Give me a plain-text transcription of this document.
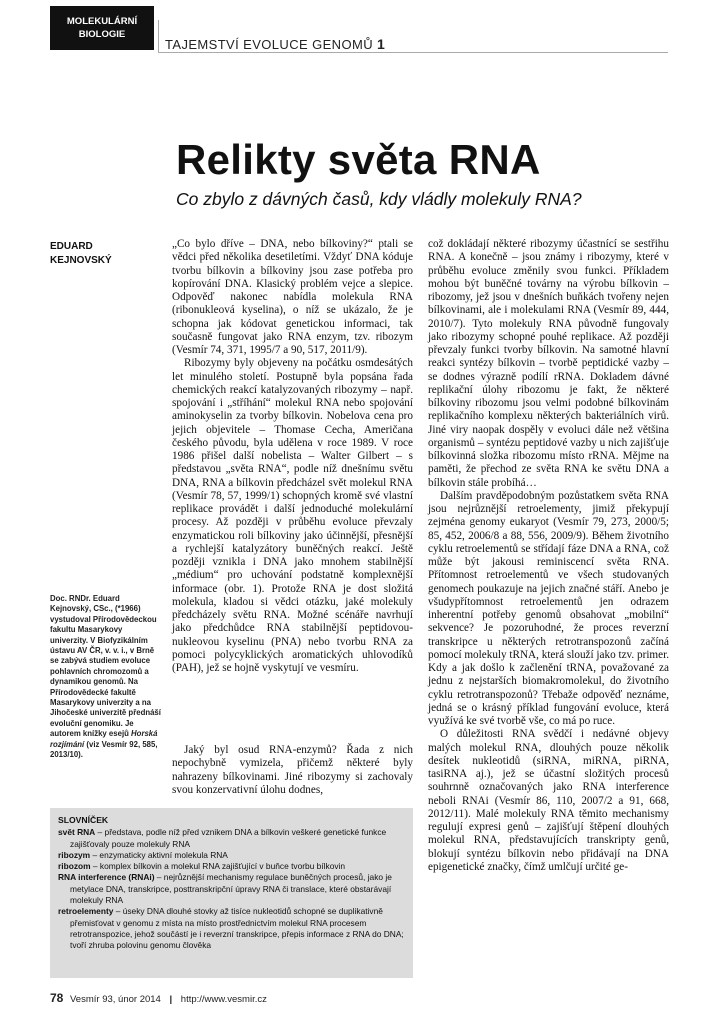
MOLEKULÁRNÍ
BIOLOGIE
TAJEMSTVÍ EVOLUCE GENOMŮ 1
Relikty světa RNA
Co zbylo z dávných časů, kdy vládly molekuly RNA?
EDUARD
KEJNOVSKÝ
Doc. RNDr. Eduard Kejnovský, CSc., (*1966) vystudoval Přírodovědeckou fakultu Masarykovy univerzity. V Biofyzikálním ústavu AV ČR, v. v. i., v Brně se zabývá studiem evoluce pohlavních chromozomů a dynamikou genomů. Na Přírodovědecké fakultě Masarykovy univerzity a na Jihočeské univerzitě přednáší evoluční genomiku. Je autorem knížky esejů Horská rozjímání (viz Vesmír 92, 585, 2013/10).

„Co bylo dříve – DNA, nebo bílkoviny?“ ptali se vědci před několika desetiletími. Vždyť DNA kóduje tvorbu bílkovin a bílkoviny jsou zase potřeba pro kopírování DNA. Klasický problém vejce a slepice. Odpověď nakonec nabídla molekula RNA (ribonukleová kyselina), o níž se ukázalo, že je schopna jak kódovat genetickou informaci, tak současně fungovat jako RNA enzym, tzv. ribozym (Vesmír 74, 371, 1995/7 a 90, 517, 2011/9).

Ribozymy byly objeveny na počátku osmdesátých let minulého století. Postupně byla popsána řada chemických reakcí katalyzovaných ribozymy – např. spojování i „stříhání“ molekul RNA nebo spojování aminokyselin za tvorby bílkovin. Nobelova cena pro jejich objevitele – Thomase Cecha, Američana českého původu, byla udělena v roce 1989. V roce 1986 přišel další nobelista – Walter Gilbert – s představou „světa RNA“, podle níž dnešnímu světu DNA, RNA a bílkovin předcházel svět molekul RNA (Vesmír 78, 57, 1999/1) schopných kromě své vlastní replikace provádět i další jednoduché molekulární procesy. Až později v průběhu evoluce převzaly enzymatickou roli bílkoviny jako účinnější, přesnější a rychlejší katalyzátory buněčných reakcí. Ještě později vznikla i DNA jako mnohem stabilnější „médium“ pro uchování podstatně komplexnější informace (obr. 1). Protože RNA je dost složitá molekula, kladou si vědci otázku, jaké molekuly předcházely světu RNA. Možné scénáře navrhují jako předchůdce RNA stabilnější peptidovou-nukleovou kyselinu (PNA) nebo tvorbu RNA za pomoci polycyklických aromatických uhlovodíků (PAH), jež se hojně vyskytují ve vesmíru.

Jaký byl osud RNA-enzymů? Řada z nich nepochybně vymizela, přičemž některé byly nahrazeny bílkovinami. Jiné ribozymy si zachovaly svou konzervativní úlohu dodnes,

což dokládají některé ribozymy účastnící se sestřihu RNA. A konečně – jsou známy i ribozymy, které v průběhu evoluce změnily svou funkci. Příkladem mohou být buněčné továrny na výrobu bílkovin – ribozomy, jež jsou v dnešních buňkách tvořeny nejen bílkovinami, ale i molekulami RNA (Vesmír 89, 444, 2010/7). Tyto molekuly RNA původně fungovaly jako ribozymy schopné pouhé replikace. Až později převzaly funkci tvorby bílkovin. Na samotné hlavní reakci syntézy bílkovin – tvorbě peptidické vazby – se dodnes výrazně podílí rRNA. Dokladem dávné replikační úlohy ribozomu je fakt, že některé bílkoviny ribozomu jsou velmi podobné bílkovinám replikačního komplexu některých bakteriálních virů. Jiné viry naopak dospěly v evoluci dále než většina organismů – syntézu peptidové vazby u nich zajišťuje bílkovinná složka ribozomu místo rRNA. Mějme na paměti, že přechod ze světa RNA ke světu DNA a bílkovin stále probíhá…

Dalším pravděpodobným pozůstatkem světa RNA jsou nejrůznější retroelementy, jimiž překypují zejména genomy eukaryot (Vesmír 79, 273, 2000/5; 85, 452, 2006/8 a 88, 556, 2009/9). Během životního cyklu retroelementů se střídají fáze DNA a RNA, což může být jakousi reminiscencí světa RNA. Přítomnost retroelementů ve všech studovaných genomech poukazuje na jejich značné stáří. Anebo je všudypřítomnost retroelementů jen odrazem inherentní potřeby genomů obsahovat „mobilní“ sekvence? Je pozoruhodné, že proces reverzní transkripce u některých retrotranspozonů začíná pomocí molekuly tRNA, která slouží jako tzv. primer. Kdy a jak došlo k začlenění tRNA, považované za jednu z nejstarších biomakromolekul, do životního cyklu retrotranspozonů? Třebaže odpověď neznáme, jedná se o krásný příklad fungování evoluce, která využívá ke své tvorbě vše, co má po ruce.

O důležitosti RNA svědčí i nedávné objevy malých molekul RNA, dlouhých pouze několik desítek nukleotidů (siRNA, miRNA, piRNA, tasiRNA aj.), jež se účastní složitých procesů souhrnně označovaných jako RNA interference neboli RNAi (Vesmír 86, 110, 2007/2 a 91, 668, 2012/11). Malé molekuly RNA těmito mechanismy regulují expresi genů – zajišťují štěpení dlouhých molekul RNA, představujících transkripty genů, blokují syntézu bílkovin nebo přidávají na DNA epigenetické značky, čímž umlčují určité ge-

SLOVNÍČEK
svět RNA – představa, podle níž před vznikem DNA a bílkovin veškeré genetické funkce zajišťovaly pouze molekuly RNA
ribozym – enzymaticky aktivní molekula RNA
ribozom – komplex bílkovin a molekul RNA zajišťující v buňce tvorbu bílkovin
RNA interference (RNAi) – nejrůznější mechanismy regulace buněčných procesů, jako je metylace DNA, transkripce, posttranskripční úpravy RNA či translace, které obstarávají molekuly RNA
retroelementy – úseky DNA dlouhé stovky až tisíce nukleotidů schopné se duplikativně přemisťovat v genomu z místa na místo prostřednictvím molekul RNA procesem retrotranspozice, jehož součástí je i reverzní transkripce, přepis informace z RNA do DNA; tvoří zhruba polovinu genomu člověka
78 Vesmír 93, únor 2014 | http://www.vesmir.cz
